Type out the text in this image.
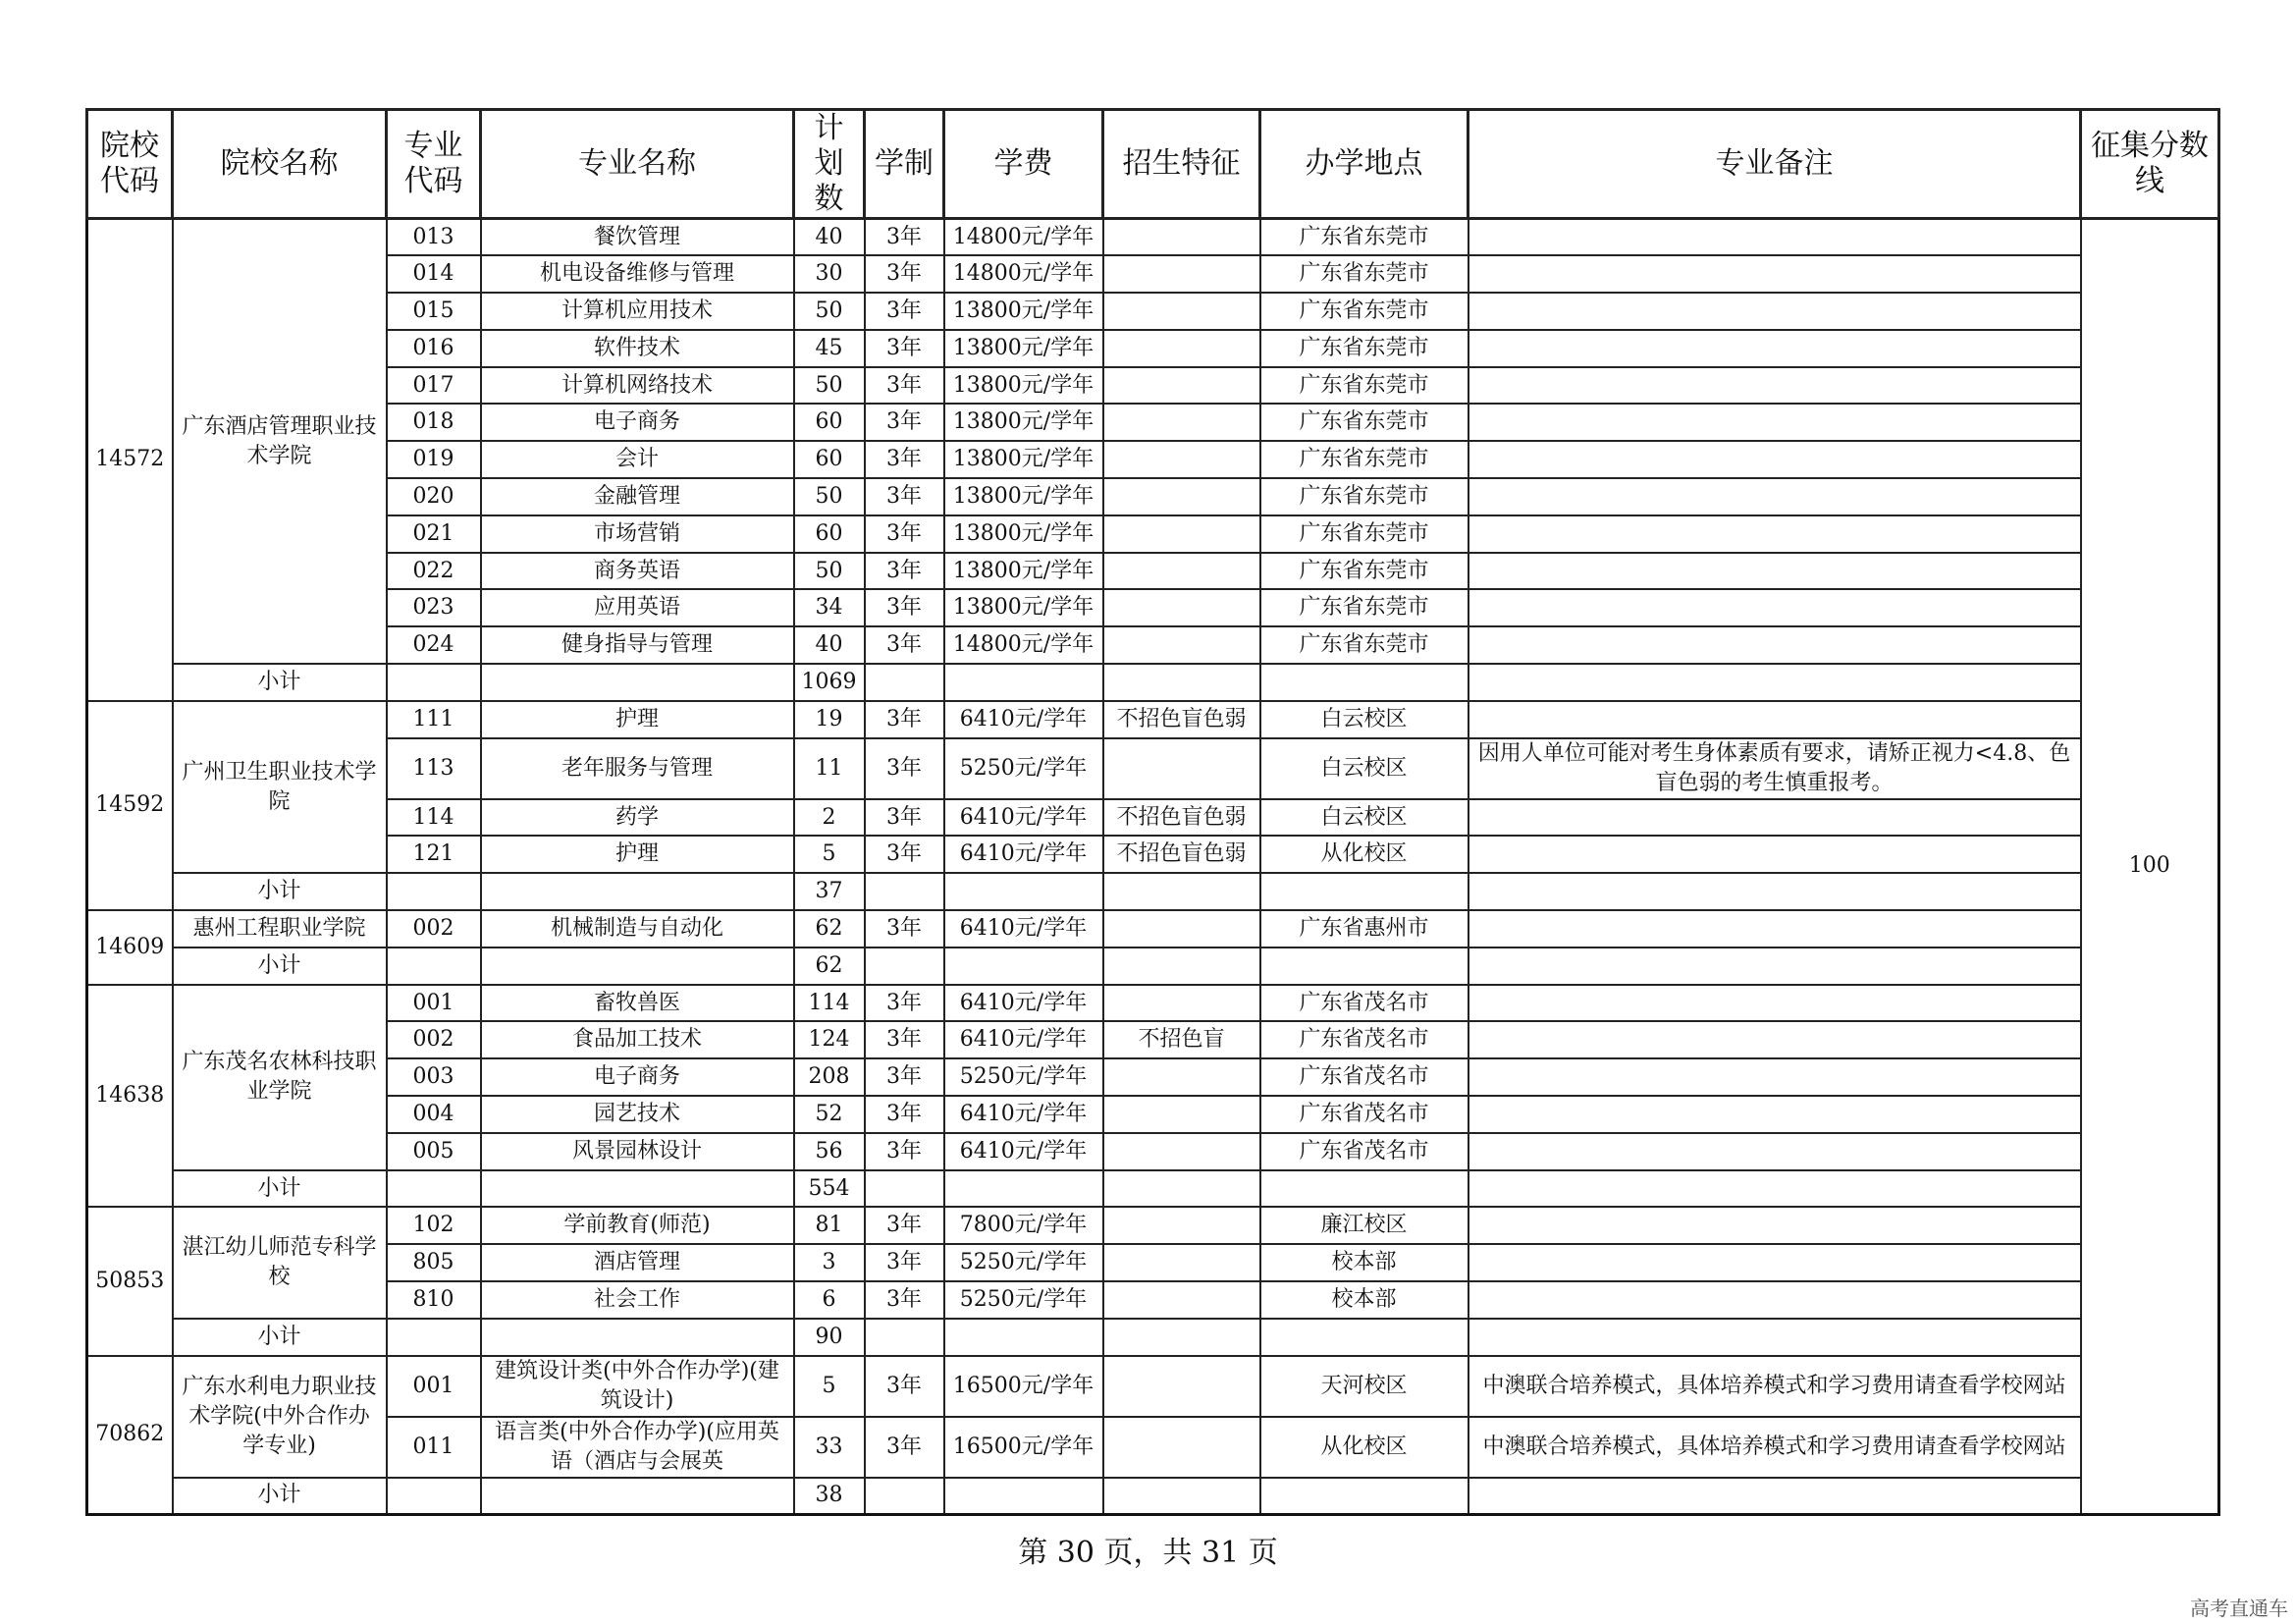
院校代码	院校名称	专业代码	专业名称	计划数	学制	学费	招生特征	办学地点	专业备注	征集分数线
14572	广东酒店管理职业技术学院	013	餐饮管理	40	3年	14800元/学年		广东省东莞市		100
		014	机电设备维修与管理	30	3年	14800元/学年		广东省东莞市		
		015	计算机应用技术	50	3年	13800元/学年		广东省东莞市		
		016	软件技术	45	3年	13800元/学年		广东省东莞市		
		017	计算机网络技术	50	3年	13800元/学年		广东省东莞市		
		018	电子商务	60	3年	13800元/学年		广东省东莞市		
		019	会计	60	3年	13800元/学年		广东省东莞市		
		020	金融管理	50	3年	13800元/学年		广东省东莞市		
		021	市场营销	60	3年	13800元/学年		广东省东莞市		
		022	商务英语	50	3年	13800元/学年		广东省东莞市		
		023	应用英语	34	3年	13800元/学年		广东省东莞市		
		024	健身指导与管理	40	3年	14800元/学年		广东省东莞市		
	小计			1069						
14592	广州卫生职业技术学院	111	护理	19	3年	6410元/学年	不招色盲色弱	白云校区		
		113	老年服务与管理	11	3年	5250元/学年		白云校区	因用人单位可能对考生身体素质有要求，请矫正视力<4.8、色盲色弱的考生慎重报考。	
		114	药学	2	3年	6410元/学年	不招色盲色弱	白云校区		
		121	护理	5	3年	6410元/学年	不招色盲色弱	从化校区		
	小计			37						
14609	惠州工程职业学院	002	机械制造与自动化	62	3年	6410元/学年		广东省惠州市		
	小计			62						
14638	广东茂名农林科技职业学院	001	畜牧兽医	114	3年	6410元/学年		广东省茂名市		
		002	食品加工技术	124	3年	6410元/学年	不招色盲	广东省茂名市		
		003	电子商务	208	3年	5250元/学年		广东省茂名市		
		004	园艺技术	52	3年	6410元/学年		广东省茂名市		
		005	风景园林设计	56	3年	6410元/学年		广东省茂名市		
	小计			554						
50853	湛江幼儿师范专科学校	102	学前教育(师范)	81	3年	7800元/学年		廉江校区		
		805	酒店管理	3	3年	5250元/学年		校本部		
		810	社会工作	6	3年	5250元/学年		校本部		
	小计			90						
70862	广东水利电力职业技术学院(中外合作办学专业)	001	建筑设计类(中外合作办学)(建筑设计)	5	3年	16500元/学年		天河校区	中澳联合培养模式，具体培养模式和学习费用请查看学校网站	
		011	语言类(中外合作办学)(应用英语（酒店与会展英	33	3年	16500元/学年		从化校区	中澳联合培养模式，具体培养模式和学习费用请查看学校网站	
	小计			38						
第 30 页，共 31 页
高考直通车
